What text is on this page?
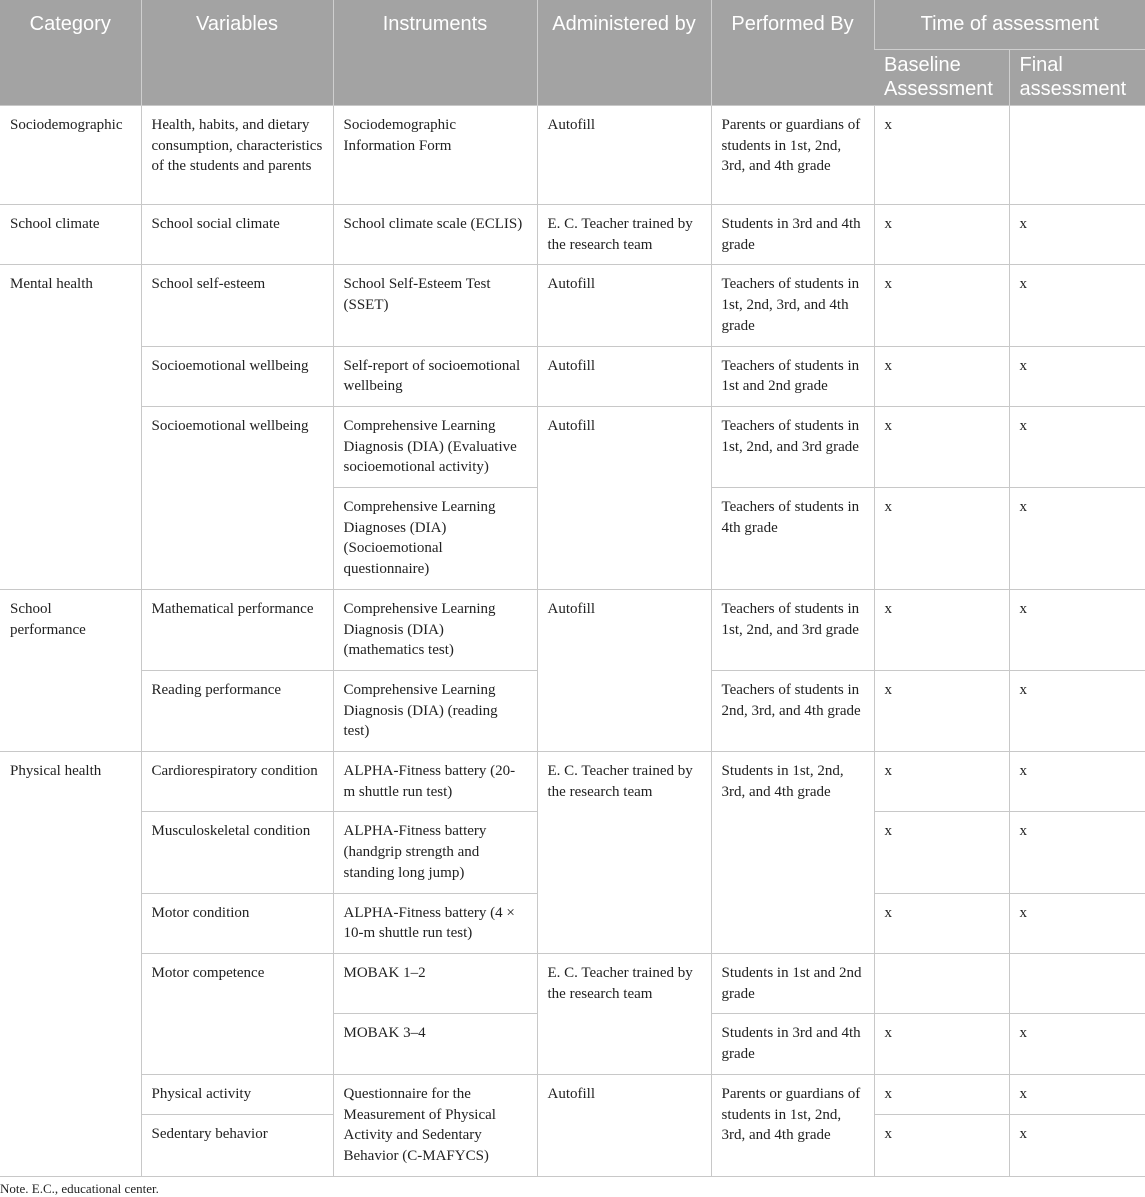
Category	Variables	Instruments	Administered by	Performed By	Time of assessment	
					Baseline Assessment	Final assessment
Sociodemographic	Health, habits, and dietary consumption, characteristics of the students and parents	Sociodemographic Information Form	Autofill	Parents or guardians of students in 1st, 2nd, 3rd, and 4th grade	x	
School climate	School social climate	School climate scale (ECLIS)	E. C. Teacher trained by the research team	Students in 3rd and 4th grade	x	x
Mental health	School self-esteem	School Self-Esteem Test (SSET)	Autofill	Teachers of students in 1st, 2nd, 3rd, and 4th grade	x	x
	Socioemotional wellbeing	Self-report of socioemotional wellbeing	Autofill	Teachers of students in 1st and 2nd grade	x	x
	Socioemotional wellbeing	Comprehensive Learning Diagnosis (DIA) (Evaluative socioemotional activity)	Autofill	Teachers of students in 1st, 2nd, and 3rd grade	x	x
		Comprehensive Learning Diagnoses (DIA) (Socioemotional questionnaire)		Teachers of students in 4th grade	x	x
School performance	Mathematical performance	Comprehensive Learning Diagnosis (DIA) (mathematics test)	Autofill	Teachers of students in 1st, 2nd, and 3rd grade	x	x
	Reading performance	Comprehensive Learning Diagnosis (DIA) (reading test)		Teachers of students in 2nd, 3rd, and 4th grade	x	x
Physical health	Cardiorespiratory condition	ALPHA-Fitness battery (20-m shuttle run test)	E. C. Teacher trained by the research team	Students in 1st, 2nd, 3rd, and 4th grade	x	x
	Musculoskeletal condition	ALPHA-Fitness battery (handgrip strength and standing long jump)			x	x
	Motor condition	ALPHA-Fitness battery (4 × 10-m shuttle run test)			x	x
	Motor competence	MOBAK 1–2	E. C. Teacher trained by the research team	Students in 1st and 2nd grade		
		MOBAK 3–4		Students in 3rd and 4th grade	x	x
	Physical activity	Questionnaire for the Measurement of Physical Activity and Sedentary Behavior (C-MAFYCS)	Autofill	Parents or guardians of students in 1st, 2nd, 3rd, and 4th grade	x	x
	Sedentary behavior				x	x
Note. E.C., educational center.
